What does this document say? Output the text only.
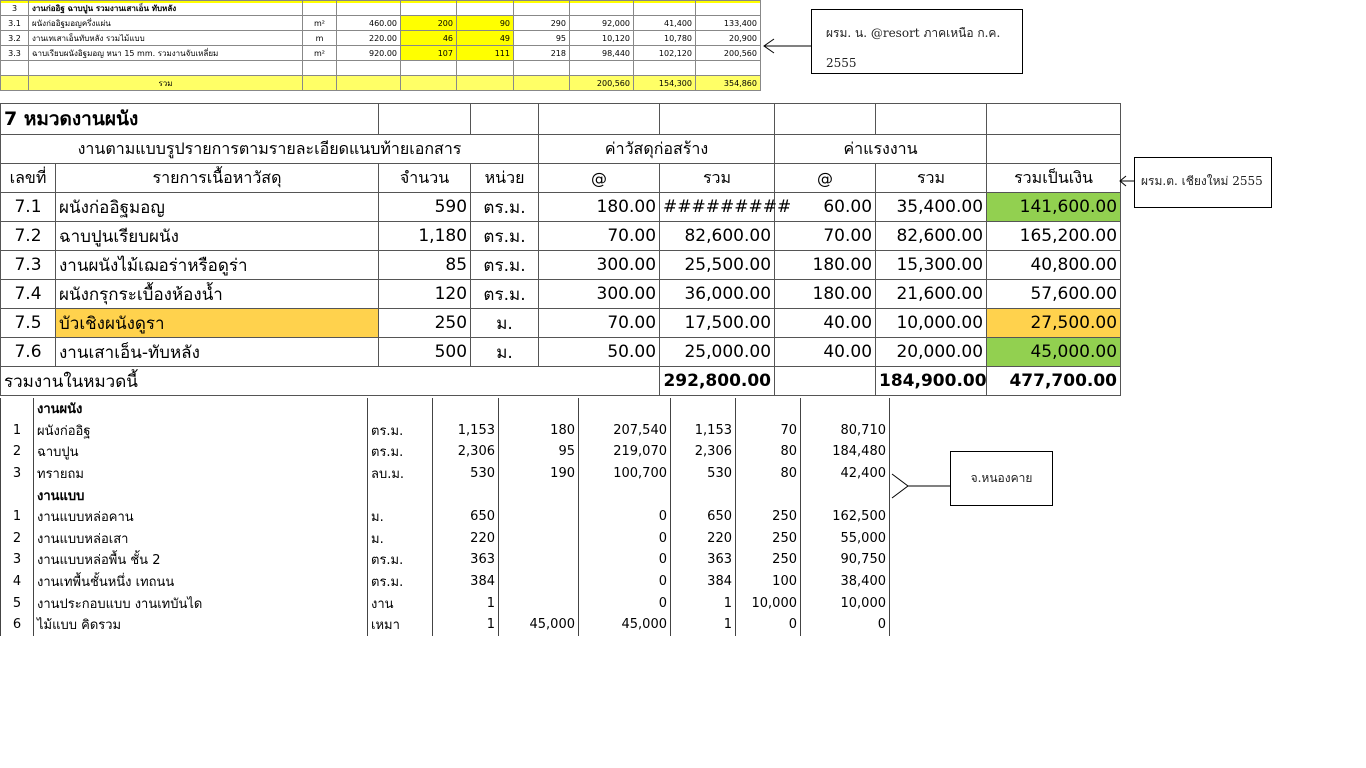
3	งานก่ออิฐ ฉาบปูน รวมงานเสาเอ็น ทับหลัง								
3.1	ผนังก่ออิฐมอญครึ่งแผ่น	m²	460.00	200	90	290	92,000	41,400	133,400
3.2	งานเทเสาเอ็นทับหลัง รวมไม้แบบ	m	220.00	46	49	95	10,120	10,780	20,900
3.3	ฉาบเรียบผนังอิฐมอญ หนา 15 mm. รวมงานจับเหลี่ยม	m²	920.00	107	111	218	98,440	102,120	200,560

	รวม						200,560	154,300	354,860
7 หมวดงานผนัง								
งานตามแบบรูปรายการตามรายละเอียดแนบท้ายเอกสาร				ค่าวัสดุก่อสร้าง		ค่าแรงงาน		
เลขที่	รายการเนื้อหาวัสดุ	จำนวน	หน่วย	@	รวม	@	รวม	รวมเป็นเงิน
7.1	ผนังก่ออิฐมอญ	590	ตร.ม.	180.00	#########	60.00	35,400.00	141,600.00
7.2	ฉาบปูนเรียบผนัง	1,180	ตร.ม.	70.00	82,600.00	70.00	82,600.00	165,200.00
7.3	งานผนังไม้เฌอร่าหรือดูร่า	85	ตร.ม.	300.00	25,500.00	180.00	15,300.00	40,800.00
7.4	ผนังกรุกระเบื้องห้องน้ำ	120	ตร.ม.	300.00	36,000.00	180.00	21,600.00	57,600.00
7.5	บัวเชิงผนังดูรา	250	ม.	70.00	17,500.00	40.00	10,000.00	27,500.00
7.6	งานเสาเอ็น-ทับหลัง	500	ม.	50.00	25,000.00	40.00	20,000.00	45,000.00
รวมงานในหมวดนี้					292,800.00		184,900.00	477,700.00
	งานผนัง							
1	ผนังก่ออิฐ	ตร.ม.	1,153	180	207,540	1,153	70	80,710
2	ฉาบปูน	ตร.ม.	2,306	95	219,070	2,306	80	184,480
3	ทรายถม	ลบ.ม.	530	190	100,700	530	80	42,400
	งานแบบ							
1	งานแบบหล่อคาน	ม.	650		0	650	250	162,500
2	งานแบบหล่อเสา	ม.	220		0	220	250	55,000
3	งานแบบหล่อพื้น ชั้น 2	ตร.ม.	363		0	363	250	90,750
4	งานเทพื้นชั้นหนึ่ง เทถนน	ตร.ม.	384		0	384	100	38,400
5	งานประกอบแบบ งานเทบันได	งาน	1		0	1	10,000	10,000
6	ไม้แบบ คิดรวม	เหมา	1	45,000	45,000	1	0	0
ผรม. น. @resort ภาคเหนือ ก.ค. 2555
ผรม.ต. เชียงใหม่ 2555
จ.หนองคาย
